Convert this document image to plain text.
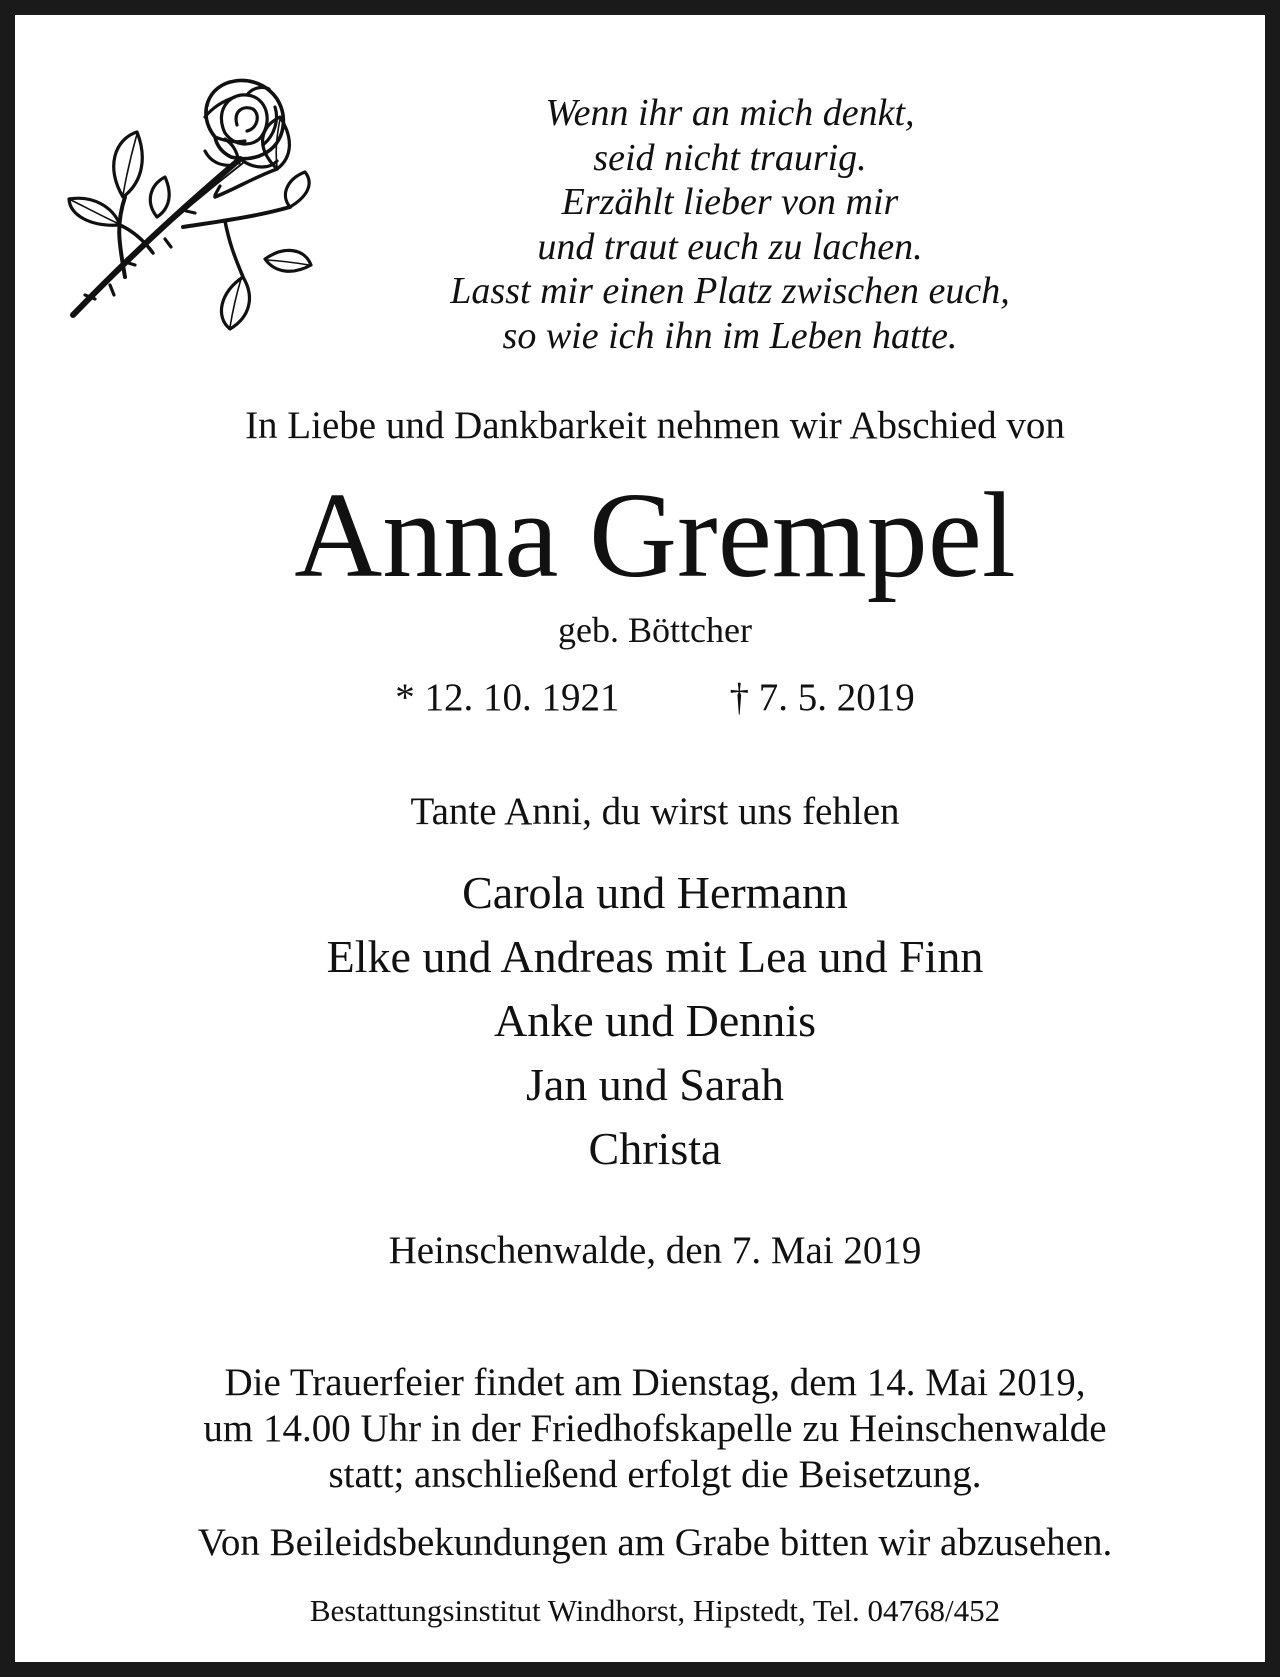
Wenn ihr an mich denkt,
seid nicht traurig.
Erzählt lieber von mir
und traut euch zu lachen.
Lasst mir einen Platz zwischen euch,
so wie ich ihn im Leben hatte.
In Liebe und Dankbarkeit nehmen wir Abschied von
Anna Grempel
geb. Böttcher
* 12. 10. 1921	† 7. 5. 2019
Tante Anni, du wirst uns fehlen
Carola und Hermann
Elke und Andreas mit Lea und Finn
Anke und Dennis
Jan und Sarah
Christa
Heinschenwalde, den 7. Mai 2019
Die Trauerfeier findet am Dienstag, dem 14. Mai 2019,
um 14.00 Uhr in der Friedhofskapelle zu Heinschenwalde
statt; anschließend erfolgt die Beisetzung.
Von Beileidsbekundungen am Grabe bitten wir abzusehen.
Bestattungsinstitut Windhorst, Hipstedt, Tel. 04768/452
